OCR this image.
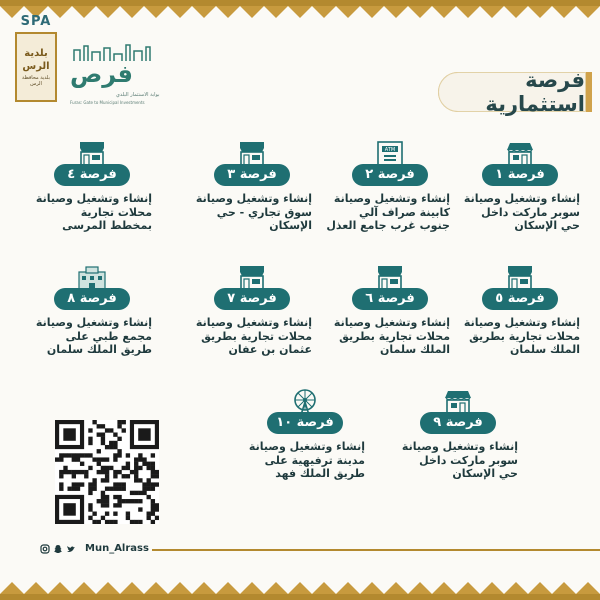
SPA
بلدية الرس
بلدية محافظة الرس	فرص
بوابة الاستثمار البلدي
Furas: Gate to Municipal Investments
فرصة استثمارية
فرصة ١
إنشاء وتشغيل وصيانة
سوبر ماركت داخل
حي الإسكان
ATM
فرصة ٢
إنشاء وتشغيل وصيانة
كابينة صراف آلي
جنوب غرب جامع العذل
فرصة ٣
إنشاء وتشغيل وصيانة
سوق تجاري - حي الإسكان
فرصة ٤
إنشاء وتشغيل وصيانة
محلات تجارية
بمخطط المرسى
فرصة ٥
إنشاء وتشغيل وصيانة
محلات تجارية بطريق
الملك سلمان
فرصة ٦
إنشاء وتشغيل وصيانة
محلات تجارية بطريق
الملك سلمان
فرصة ٧
إنشاء وتشغيل وصيانة
محلات تجارية بطريق
عثمان بن عفان
فرصة ٨
إنشاء وتشغيل وصيانة
مجمع طبي على
طريق الملك سلمان
فرصة ٩
إنشاء وتشغيل وصيانة
سوبر ماركت داخل
حي الإسكان
فرصة ١٠
إنشاء وتشغيل وصيانة
مدينة ترفيهية على
طريق الملك فهد
Mun_Alrass
